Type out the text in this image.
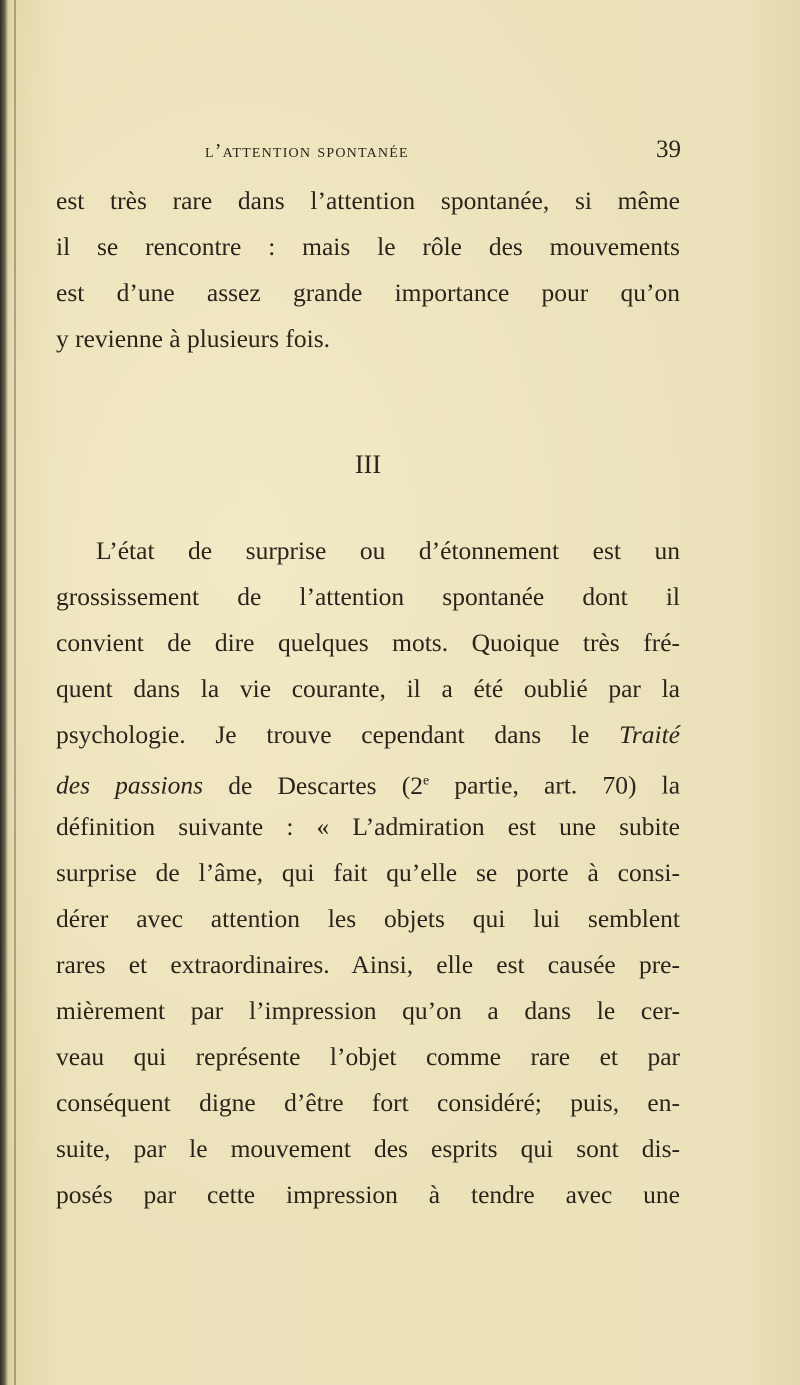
l’attention spontanée	39
est très rare dans l’attention spontanée, si même
il se rencontre : mais le rôle des mouvements
est d’une assez grande importance pour qu’on
y revienne à plusieurs fois.
III
L’état de surprise ou d’étonnement est un
grossissement de l’attention spontanée dont il
convient de dire quelques mots. Quoique très fré-
quent dans la vie courante, il a été oublié par la
psychologie. Je trouve cependant dans le Traité
des passions de Descartes (2e partie, art. 70) la
définition suivante : « L’admiration est une subite
surprise de l’âme, qui fait qu’elle se porte à consi-
dérer avec attention les objets qui lui semblent
rares et extraordinaires. Ainsi, elle est causée pre-
mièrement par l’impression qu’on a dans le cer-
veau qui représente l’objet comme rare et par
conséquent digne d’être fort considéré; puis, en-
suite, par le mouvement des esprits qui sont dis-
posés par cette impression à tendre avec une
